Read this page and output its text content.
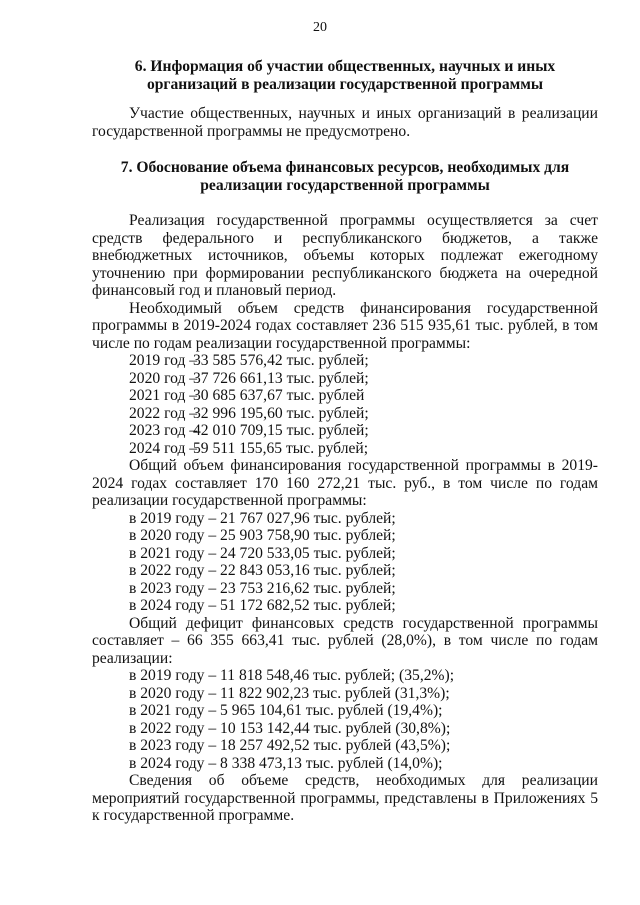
20

6. Информация об участии общественных, научных и иных

организаций в реализации государственной программы

Участие общественных, научных и иных организаций в реализации государственной программы не предусмотрено.

7. Обоснование объема финансовых ресурсов, необходимых для

реализации государственной программы

Реализация государственной программы осуществляется за счет средств федерального и республиканского бюджетов, а также внебюджетных источников, объемы которых подлежат ежегодному уточнению при формировании республиканского бюджета на очередной финансовый год и плановый период.

Необходимый объем средств финансирования государственной программы в 2019-2024 годах составляет 236 515 935,61 тыс. рублей, в том числе по годам реализации государственной программы:

2019 год –33 585 576,42 тыс. рублей;

2020 год –37 726 661,13 тыс. рублей;

2021 год –30 685 637,67 тыс. рублей

2022 год –32 996 195,60 тыс. рублей;

2023 год –42 010 709,15 тыс. рублей;

2024 год –59 511 155,65 тыс. рублей;

Общий объем финансирования государственной программы в 2019-2024 годах составляет 170 160 272,21 тыс. руб., в том числе по годам реализации государственной программы:

в 2019 году – 21 767 027,96 тыс. рублей;

в 2020 году – 25 903 758,90 тыс. рублей;

в 2021 году – 24 720 533,05 тыс. рублей;

в 2022 году – 22 843 053,16 тыс. рублей;

в 2023 году – 23 753 216,62 тыс. рублей;

в 2024 году – 51 172 682,52 тыс. рублей;

Общий дефицит финансовых средств государственной программы составляет – 66 355 663,41 тыс. рублей (28,0%), в том числе по годам реализации:

в 2019 году – 11 818 548,46 тыс. рублей; (35,2%);

в 2020 году – 11 822 902,23 тыс. рублей (31,3%);

в 2021 году – 5 965 104,61 тыс. рублей (19,4%);

в 2022 году – 10 153 142,44 тыс. рублей (30,8%);

в 2023 году – 18 257 492,52 тыс. рублей (43,5%);

в 2024 году – 8 338 473,13 тыс. рублей (14,0%);

Сведения об объеме средств, необходимых для реализации мероприятий государственной программы, представлены в Приложениях 5 к государственной программе.
